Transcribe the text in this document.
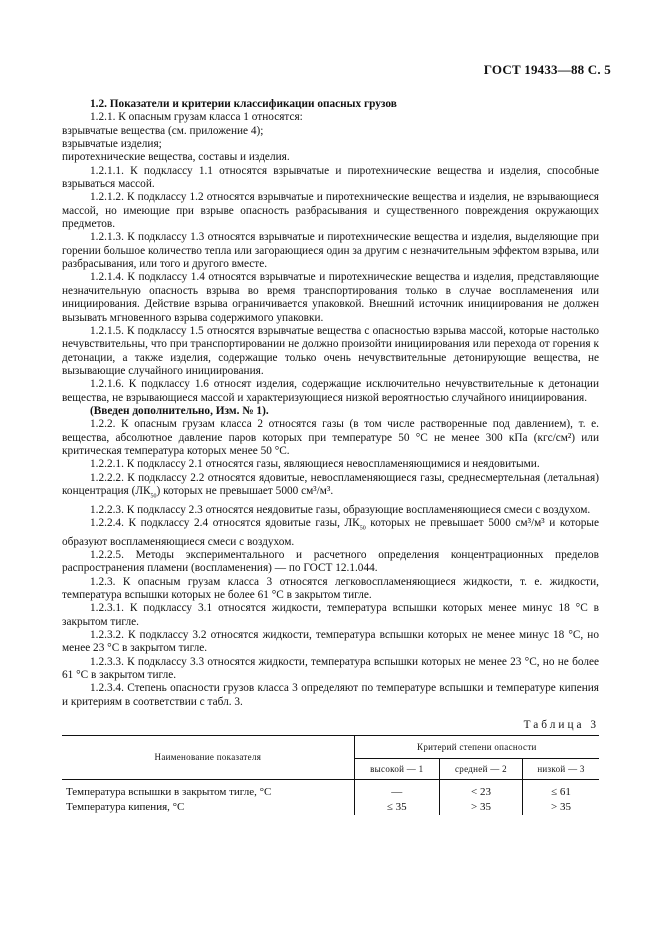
ГОСТ 19433—88 С. 5

1.2. Показатели и критерии классификации опасных грузов

1.2.1. К опасным грузам класса 1 относятся:

взрывчатые вещества (см. приложение 4);

взрывчатые изделия;

пиротехнические вещества, составы и изделия.

1.2.1.1. К подклассу 1.1 относятся взрывчатые и пиротехнические вещества и изделия, способные взрываться массой.

1.2.1.2. К подклассу 1.2 относятся взрывчатые и пиротехнические вещества и изделия, не взрывающиеся массой, но имеющие при взрыве опасность разбрасывания и существенного повреждения окружающих предметов.

1.2.1.3. К подклассу 1.3 относятся взрывчатые и пиротехнические вещества и изделия, выделяющие при горении большое количество тепла или загорающиеся один за другим с незначительным эффектом взрыва, или разбрасывания, или того и другого вместе.

1.2.1.4. К подклассу 1.4 относятся взрывчатые и пиротехнические вещества и изделия, представляющие незначительную опасность взрыва во время транспортирования только в случае воспламенения или инициирования. Действие взрыва ограничивается упаковкой. Внешний источник инициирования не должен вызывать мгновенного взрыва содержимого упаковки.

1.2.1.5. К подклассу 1.5 относятся взрывчатые вещества с опасностью взрыва массой, которые настолько нечувствительны, что при транспортировании не должно произойти инициирования или перехода от горения к детонации, а также изделия, содержащие только очень нечувствительные детонирующие вещества, не вызывающие случайного инициирования.

1.2.1.6. К подклассу 1.6 относят изделия, содержащие исключительно нечувствительные к детонации вещества, не взрывающиеся массой и характеризующиеся низкой вероятностью случайного инициирования.

(Введен дополнительно, Изм. № 1).

1.2.2. К опасным грузам класса 2 относятся газы (в том числе растворенные под давлением), т. е. вещества, абсолютное давление паров которых при температуре 50 °С не менее 300 кПа (кгс/см²) или критическая температура которых менее 50 °С.

1.2.2.1. К подклассу 2.1 относятся газы, являющиеся невоспламеняющимися и неядовитыми.

1.2.2.2. К подклассу 2.2 относятся ядовитые, невоспламеняющиеся газы, среднесмертельная (летальная) концентрация $(ЛК_{50})$ которых не превышает 5000 см³/м³.

1.2.2.3. К подклассу 2.3 относятся неядовитые газы, образующие воспламеняющиеся смеси с воздухом.

1.2.2.4. К подклассу 2.4 относятся ядовитые газы, $ЛК_{50}$ которых не превышает 5000 см³/м³ и которые образуют воспламеняющиеся смеси с воздухом.

1.2.2.5. Методы экспериментального и расчетного определения концентрационных пределов распространения пламени (воспламенения) — по ГОСТ 12.1.044.

1.2.3. К опасным грузам класса 3 относятся легковоспламеняющиеся жидкости, т. е. жидкости, температура вспышки которых не более 61 °С в закрытом тигле.

1.2.3.1. К подклассу 3.1 относятся жидкости, температура вспышки которых менее минус 18 °С в закрытом тигле.

1.2.3.2. К подклассу 3.2 относятся жидкости, температура вспышки которых не менее минус 18 °С, но менее 23 °С в закрытом тигле.

1.2.3.3. К подклассу 3.3 относятся жидкости, температура вспышки которых не менее 23 °С, но не более 61 °С в закрытом тигле.

1.2.3.4. Степень опасности грузов класса 3 определяют по температуре вспышки и температуре кипения и критериям в соответствии с табл. 3.

Таблица 3
Наименование показателя	Критерий степени опасности		
	высокой — 1	средней — 2	низкой — 3
Температура вспышки в закрытом тигле, °С	—	< 23	≤ 61
Температура кипения, °С	≤ 35	> 35	> 35
